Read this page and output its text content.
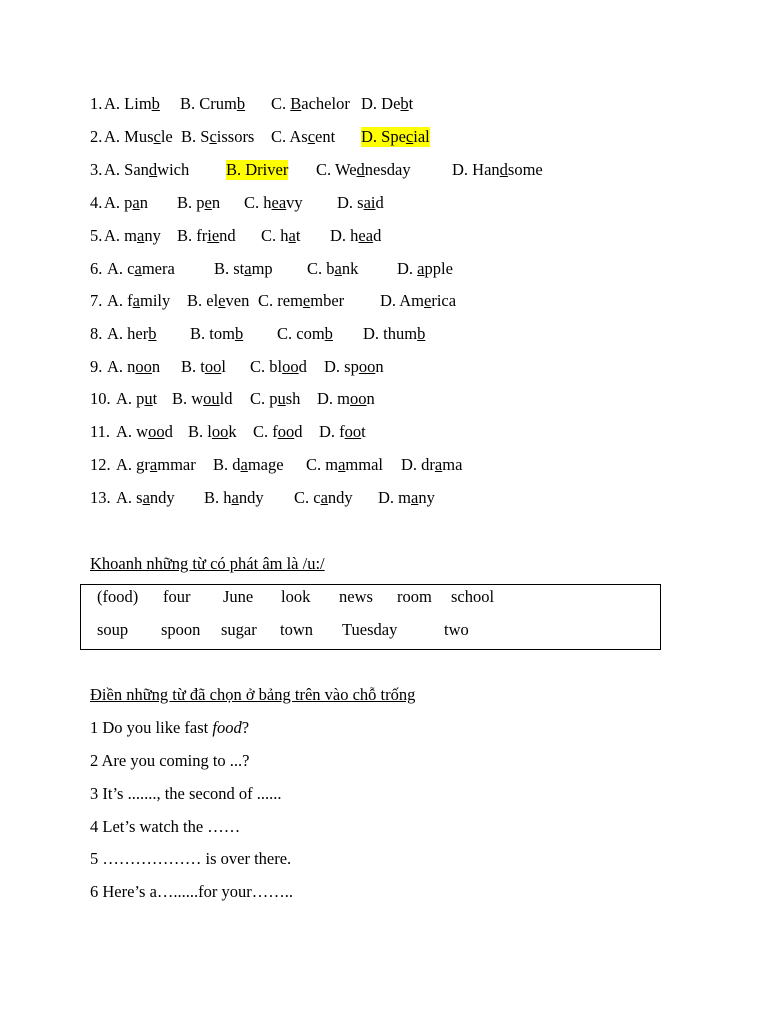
1. A. Limb B. Crumb C. Bachelor D. Debt
2. A. Muscle B. Scissors C. Ascent D. Special
3. A. Sandwich B. Driver C. Wednesday	D. Handsome
4. A. pan B. pen C. heavy D. said
5. A. many B. friend C. hat D. head
6. A. camera B. stamp C. bank D. apple
7. A. family B. eleven C. remember D. America
8. A. herb B. tomb C. comb D. thumb
9. A. noon B. tool C. blood D. spoon
10. A. put B. would C. push D. moon
11. A. wood B. look C. food D. foot
12. A. grammar B. damage C. mammal D. drama
13. A. sandy B. handy C. candy D. many
Khoanh những từ có phát âm là /u:/
(food) four June look news room school
soup spoon sugar town Tuesday	two
Điền những từ đã chọn ở bảng trên vào chỗ trống
1 Do you like fast food?
2 Are you coming to ...?
3 It’s ......., the second of ......
4 Let’s watch the ……
5 ……………… is over there.
6 Here’s a…......for your……..
